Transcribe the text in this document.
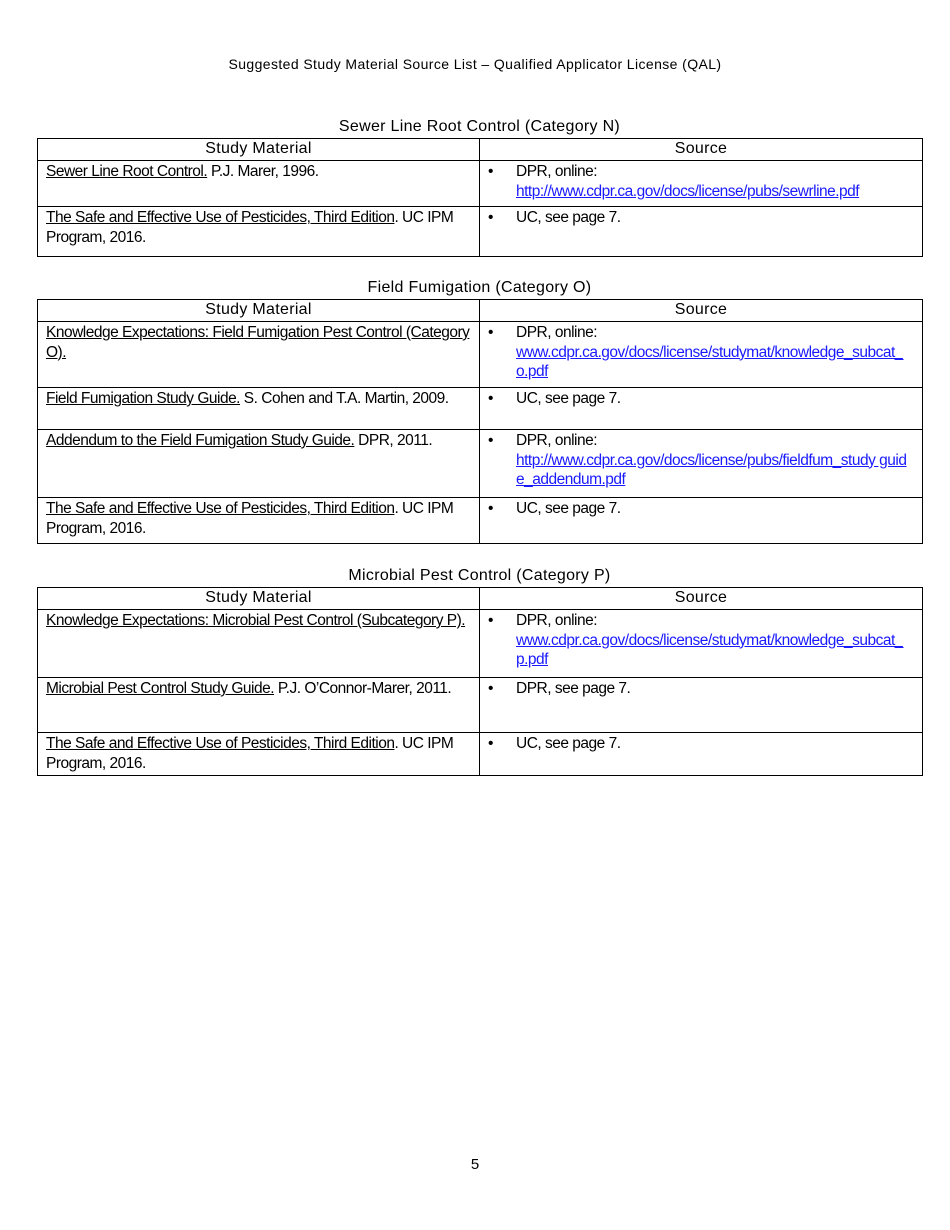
Suggested Study Material Source List – Qualified Applicator License (QAL)
Sewer Line Root Control (Category N)
Study Material	Source
Sewer Line Root Control. P.J. Marer, 1996.	• DPR, online:
http://www.cdpr.ca.gov/docs/license/pubs/sewrline.pdf

The Safe and Effective Use of Pesticides, Third Edition. UC IPM Program, 2016.	• UC, see page 7.
Field Fumigation (Category O)
Study Material	Source
Knowledge Expectations: Field Fumigation Pest Control (Category O).	• DPR, online:
www.cdpr.ca.gov/docs/license/studymat/knowledge_subcat_o.pdf

Field Fumigation Study Guide. S. Cohen and T.A. Martin, 2009.	• UC, see page 7.

Addendum to the Field Fumigation Study Guide. DPR, 2011.	• DPR, online:
http://www.cdpr.ca.gov/docs/license/pubs/fieldfum_study guide_addendum.pdf

The Safe and Effective Use of Pesticides, Third Edition. UC IPM Program, 2016.	• UC, see page 7.
Microbial Pest Control (Category P)
Study Material	Source
Knowledge Expectations: Microbial Pest Control (Subcategory P).	• DPR, online:
www.cdpr.ca.gov/docs/license/studymat/knowledge_subcat_p.pdf

Microbial Pest Control Study Guide. P.J. O’Connor-Marer, 2011.	• DPR, see page 7.

The Safe and Effective Use of Pesticides, Third Edition. UC IPM Program, 2016.	• UC, see page 7.
5
